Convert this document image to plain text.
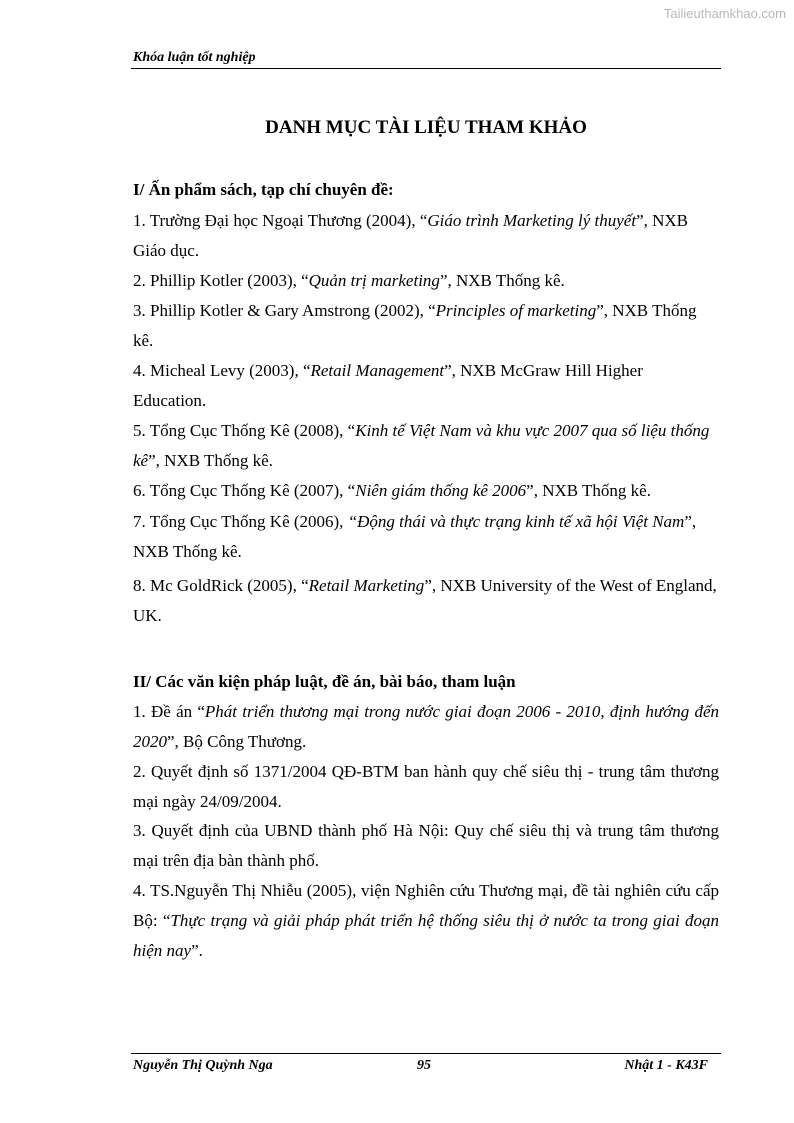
Tailieuthamkhao.com
Khóa luận tốt nghiệp
DANH MỤC TÀI LIỆU THAM KHẢO
I/ Ấn phẩm sách, tạp chí chuyên đề:
1. Trường Đại học Ngoại Thương (2004), “Giáo trình Marketing lý thuyết”, NXB Giáo dục.
2. Phillip Kotler (2003), “Quản trị marketing”, NXB Thống kê.
3. Phillip Kotler & Gary Amstrong (2002), “Principles of marketing”, NXB Thống kê.
4. Micheal Levy (2003), “Retail Management”, NXB McGraw Hill Higher Education.
5. Tổng Cục Thống Kê (2008), “Kinh tế Việt Nam và khu vực 2007 qua số liệu thống kê”, NXB Thống kê.
6. Tổng Cục Thống Kê (2007), “Niên giám thống kê 2006”, NXB Thống kê.
7. Tổng Cục Thống Kê (2006), “Động thái và thực trạng kinh tế xã hội Việt Nam”, NXB Thống kê.
8. Mc GoldRick (2005), “Retail Marketing”, NXB University of the West of England, UK.
II/ Các văn kiện pháp luật, đề án, bài báo, tham luận
1. Đề án “Phát triển thương mại trong nước giai đoạn 2006 - 2010, định hướng đến 2020”, Bộ Công Thương.
2. Quyết định số 1371/2004 QĐ-BTM ban hành quy chế siêu thị - trung tâm thương mại ngày 24/09/2004.
3. Quyết định của UBND thành phố Hà Nội: Quy chế siêu thị và trung tâm thương mại trên địa bàn thành phố.
4. TS.Nguyễn Thị Nhiễu (2005), viện Nghiên cứu Thương mại, đề tài nghiên cứu cấp Bộ: “Thực trạng và giải pháp phát triển hệ thống siêu thị ở nước ta trong giai đoạn hiện nay”.
Nguyễn Thị Quỳnh Nga	95	Nhật 1 - K43F
